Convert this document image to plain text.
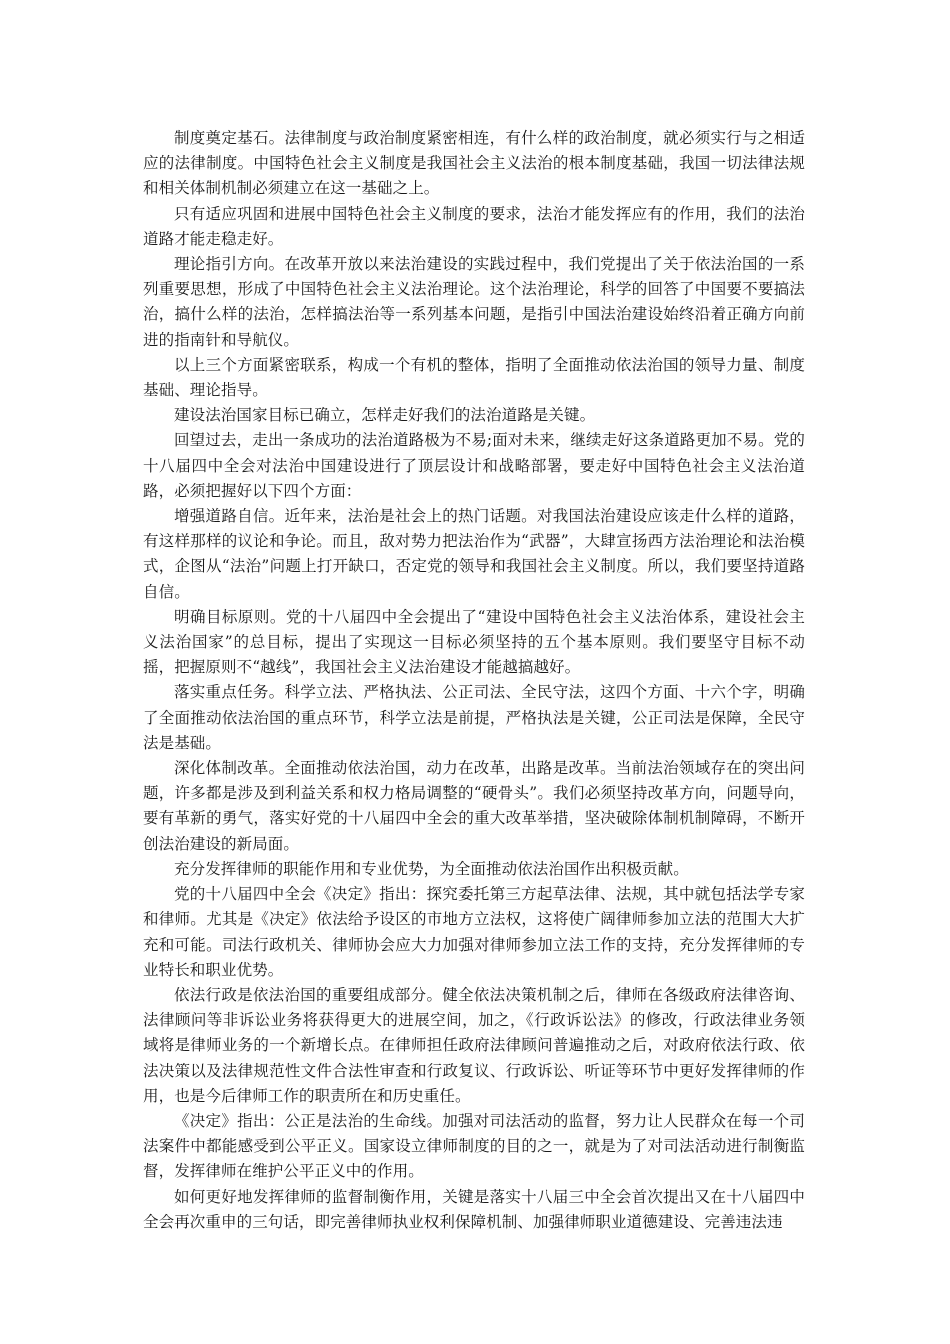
制度奠定基石。法律制度与政治制度紧密相连，有什么样的政治制度，就必须实行与之相适应的法律制度。中国特色社会主义制度是我国社会主义法治的根本制度基础，我国一切法律法规和相关体制机制必须建立在这一基础之上。

只有适应巩固和进展中国特色社会主义制度的要求，法治才能发挥应有的作用，我们的法治道路才能走稳走好。

理论指引方向。在改革开放以来法治建设的实践过程中，我们党提出了关于依法治国的一系列重要思想，形成了中国特色社会主义法治理论。这个法治理论，科学的回答了中国要不要搞法治，搞什么样的法治，怎样搞法治等一系列基本问题，是指引中国法治建设始终沿着正确方向前进的指南针和导航仪。

以上三个方面紧密联系，构成一个有机的整体，指明了全面推动依法治国的领导力量、制度基础、理论指导。

建设法治国家目标已确立，怎样走好我们的法治道路是关键。

回望过去，走出一条成功的法治道路极为不易;面对未来，继续走好这条道路更加不易。党的十八届四中全会对法治中国建设进行了顶层设计和战略部署，要走好中国特色社会主义法治道路，必须把握好以下四个方面：

增强道路自信。近年来，法治是社会上的热门话题。对我国法治建设应该走什么样的道路，有这样那样的议论和争论。而且，敌对势力把法治作为“武器”，大肆宣扬西方法治理论和法治模式，企图从“法治”问题上打开缺口，否定党的领导和我国社会主义制度。所以，我们要坚持道路自信。

明确目标原则。党的十八届四中全会提出了“建设中国特色社会主义法治体系，建设社会主义法治国家”的总目标，提出了实现这一目标必须坚持的五个基本原则。我们要坚守目标不动摇，把握原则不“越线”，我国社会主义法治建设才能越搞越好。

落实重点任务。科学立法、严格执法、公正司法、全民守法，这四个方面、十六个字，明确了全面推动依法治国的重点环节，科学立法是前提，严格执法是关键，公正司法是保障，全民守法是基础。

深化体制改革。全面推动依法治国，动力在改革，出路是改革。当前法治领域存在的突出问题，许多都是涉及到利益关系和权力格局调整的“硬骨头”。我们必须坚持改革方向，问题导向，要有革新的勇气，落实好党的十八届四中全会的重大改革举措，坚决破除体制机制障碍，不断开创法治建设的新局面。

充分发挥律师的职能作用和专业优势，为全面推动依法治国作出积极贡献。

党的十八届四中全会《决定》指出：探究委托第三方起草法律、法规，其中就包括法学专家和律师。尤其是《决定》依法给予设区的市地方立法权，这将使广阔律师参加立法的范围大大扩充和可能。司法行政机关、律师协会应大力加强对律师参加立法工作的支持，充分发挥律师的专业特长和职业优势。

依法行政是依法治国的重要组成部分。健全依法决策机制之后，律师在各级政府法律咨询、法律顾问等非诉讼业务将获得更大的进展空间，加之，《行政诉讼法》的修改，行政法律业务领域将是律师业务的一个新增长点。在律师担任政府法律顾问普遍推动之后，对政府依法行政、依法决策以及法律规范性文件合法性审查和行政复议、行政诉讼、听证等环节中更好发挥律师的作用，也是今后律师工作的职责所在和历史重任。

《决定》指出：公正是法治的生命线。加强对司法活动的监督，努力让人民群众在每一个司法案件中都能感受到公平正义。国家设立律师制度的目的之一，就是为了对司法活动进行制衡监督，发挥律师在维护公平正义中的作用。

如何更好地发挥律师的监督制衡作用，关键是落实十八届三中全会首次提出又在十八届四中全会再次重申的三句话，即完善律师执业权利保障机制、加强律师职业道德建设、完善违法违
